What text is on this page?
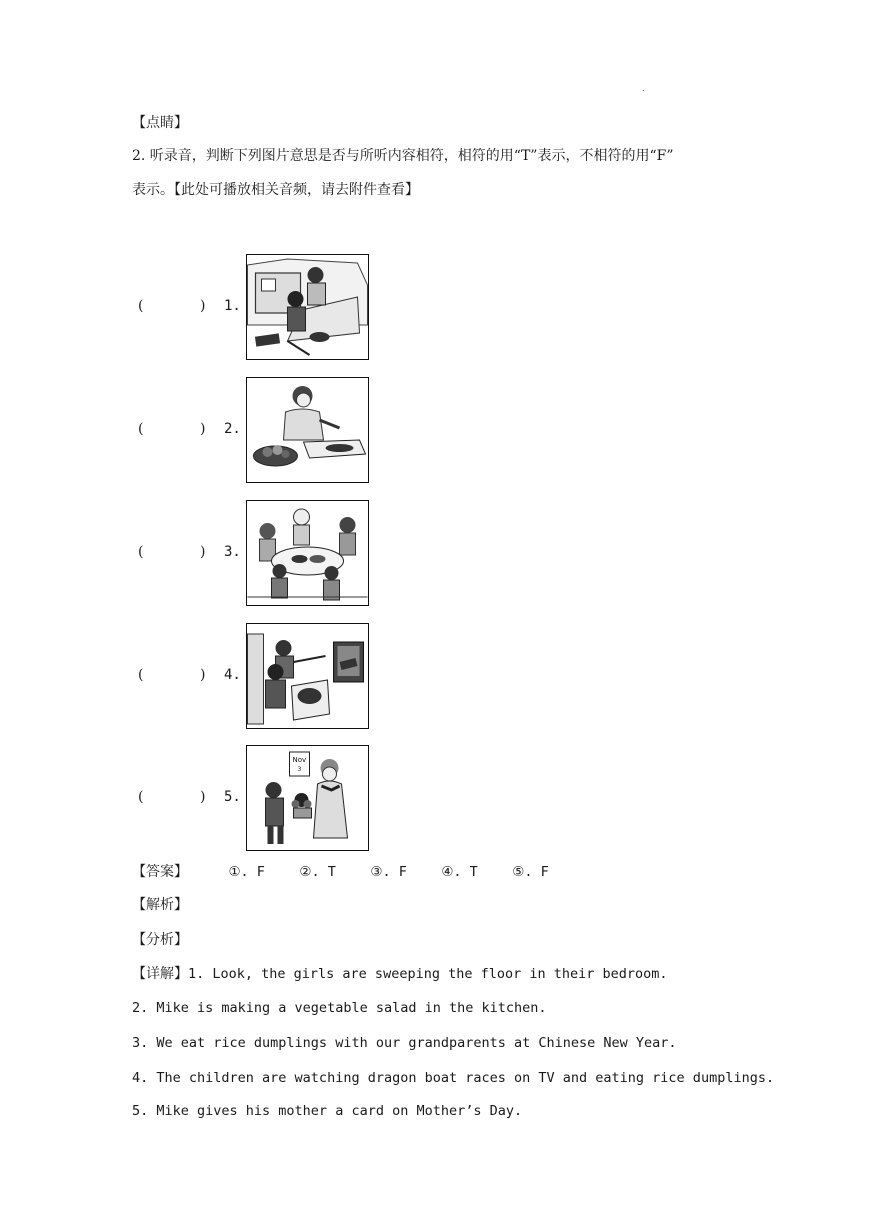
.
【点睛】
2. 听录音，判断下列图片意思是否与所听内容相符，相符的用“T”表示，不相符的用“F”
表示。【此处可播放相关音频，请去附件查看】
(	) 1.
(	) 2.
(	) 3.
(	) 4.
(	) 5.
Nov
3
【答案】	①. F	②. T	③. F	④. T	⑤. F
【解析】
【分析】
【详解】1. Look, the girls are sweeping the floor in their bedroom.
2. Mike is making a vegetable salad in the kitchen.
3. We eat rice dumplings with our grandparents at Chinese New Year.
4. The children are watching dragon boat races on TV and eating rice dumplings.
5. Mike gives his mother a card on Mother’s Day.
